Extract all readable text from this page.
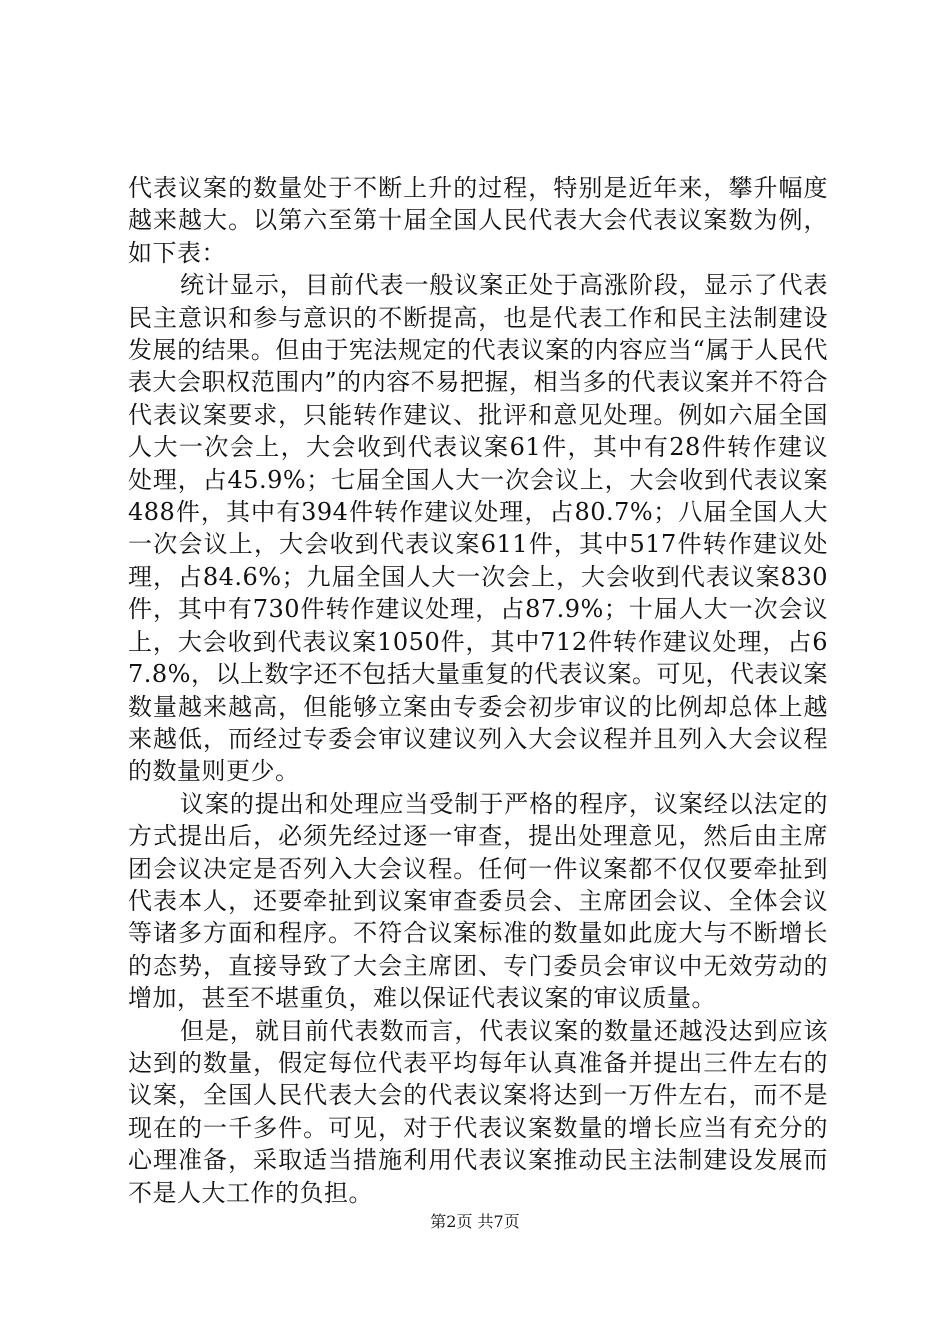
代表议案的数量处于不断上升的过程，特别是近年来，攀升幅度越来越大。以第六至第十届全国人民代表大会代表议案数为例，如下表：

统计显示，目前代表一般议案正处于高涨阶段，显示了代表民主意识和参与意识的不断提高，也是代表工作和民主法制建设发展的结果。但由于宪法规定的代表议案的内容应当“属于人民代表大会职权范围内”的内容不易把握，相当多的代表议案并不符合代表议案要求，只能转作建议、批评和意见处理。例如六届全国人大一次会上，大会收到代表议案61件，其中有28件转作建议处理，占45.9%；七届全国人大一次会议上，大会收到代表议案488件，其中有394件转作建议处理，占80.7%；八届全国人大一次会议上，大会收到代表议案611件，其中517件转作建议处理，占84.6%；九届全国人大一次会上，大会收到代表议案830件，其中有730件转作建议处理，占87.9%；十届人大一次会议上，大会收到代表议案1050件，其中712件转作建议处理，占67.8%，以上数字还不包括大量重复的代表议案。可见，代表议案数量越来越高，但能够立案由专委会初步审议的比例却总体上越来越低，而经过专委会审议建议列入大会议程并且列入大会议程的数量则更少。

议案的提出和处理应当受制于严格的程序，议案经以法定的方式提出后，必须先经过逐一审查，提出处理意见，然后由主席团会议决定是否列入大会议程。任何一件议案都不仅仅要牵扯到代表本人，还要牵扯到议案审查委员会、主席团会议、全体会议等诸多方面和程序。不符合议案标准的数量如此庞大与不断增长的态势，直接导致了大会主席团、专门委员会审议中无效劳动的增加，甚至不堪重负，难以保证代表议案的审议质量。

但是，就目前代表数而言，代表议案的数量还越没达到应该达到的数量，假定每位代表平均每年认真准备并提出三件左右的议案，全国人民代表大会的代表议案将达到一万件左右，而不是现在的一千多件。可见，对于代表议案数量的增长应当有充分的心理准备，采取适当措施利用代表议案推动民主法制建设发展而不是人大工作的负担。

第2页 共7页
